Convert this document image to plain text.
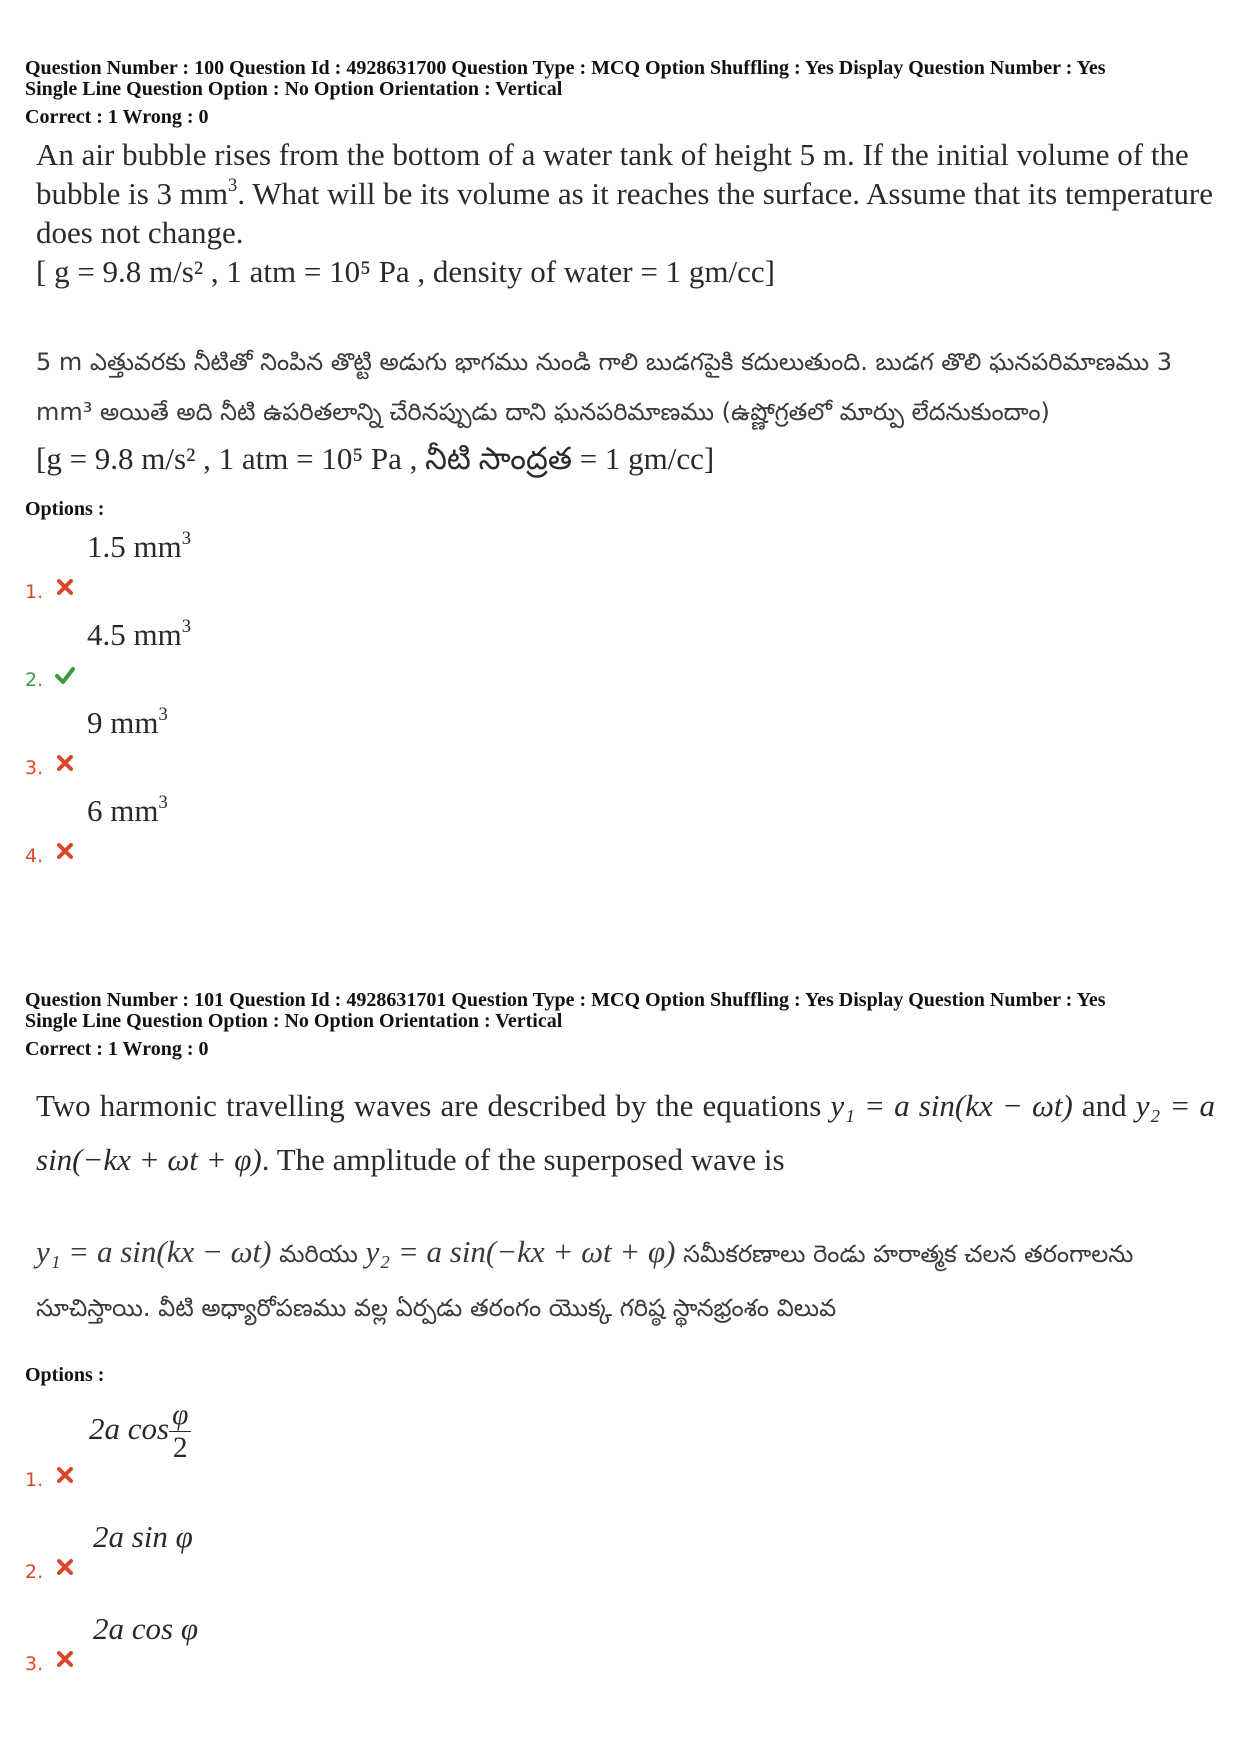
Question Number : 100 Question Id : 4928631700 Question Type : MCQ Option Shuffling : Yes Display Question Number : Yes
Single Line Question Option : No Option Orientation : Vertical
Correct : 1 Wrong : 0

An air bubble rises from the bottom of a water tank of height 5 m. If the initial volume of the bubble is 3 $mm^3$. What will be its volume as it reaches the surface. Assume that its temperature does not change.

[ g = 9.8 m/s² , 1 atm = 10⁵ Pa , density of water = 1 gm/cc]

5 m ఎత్తువరకు నీటితో నింపిన తొట్టి అడుగు భాగము నుండి గాలి బుడగపైకి కదులుతుంది. బుడగ తొలి ఘనపరిమాణము 3 mm³ అయితే అది నీటి ఉపరితలాన్ని చేరినప్పుడు దాని ఘనపరిమాణము (ఉష్ణోగ్రతలో మార్పు లేదనుకుందాం)

[g = 9.8 m/s² , 1 atm = 10⁵ Pa , నీటి సాంద్రత = 1 gm/cc]

Options :
1.
1.5 $mm^3$
2.
4.5 $mm^3$
3.
9 $mm^3$
4.
6 $mm^3$
Question Number : 101 Question Id : 4928631701 Question Type : MCQ Option Shuffling : Yes Display Question Number : Yes
Single Line Question Option : No Option Orientation : Vertical
Correct : 1 Wrong : 0

Two harmonic travelling waves are described by the equations y₁ = a sin(kx − ωt) and y₂ = a sin(−kx + ωt + φ). The amplitude of the superposed wave is

y₁ = a sin(kx − ωt) మరియు y₂ = a sin(−kx + ωt + φ) సమీకరణాలు రెండు హరాత్మక చలన తరంగాలను సూచిస్తాయి. వీటి అధ్యారోపణము వల్ల ఏర్పడు తరంగం యొక్క గరిష్ఠ స్థానభ్రంశం విలువ

Options :
1.
2a $\cos \frac{\varphi}{2}$
2.
2a sin φ
3.
2a cos φ
